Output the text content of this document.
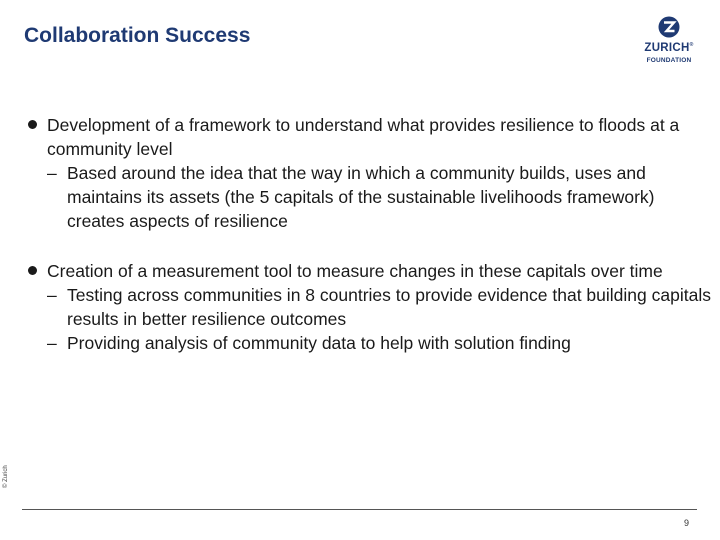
Collaboration Success
ZURICH®
FOUNDATION

Development of a framework to understand what provides resilience to floods at a community level

– Based around the idea that the way in which a community builds, uses and maintains its assets (the 5 capitals of the sustainable livelihoods framework) creates aspects of resilience

Creation of a measurement tool to measure changes in these capitals over time

– Testing across communities in 8 countries to provide evidence that building capitals results in better resilience outcomes
– Providing analysis of community data to help with solution finding
© Zurich
9
